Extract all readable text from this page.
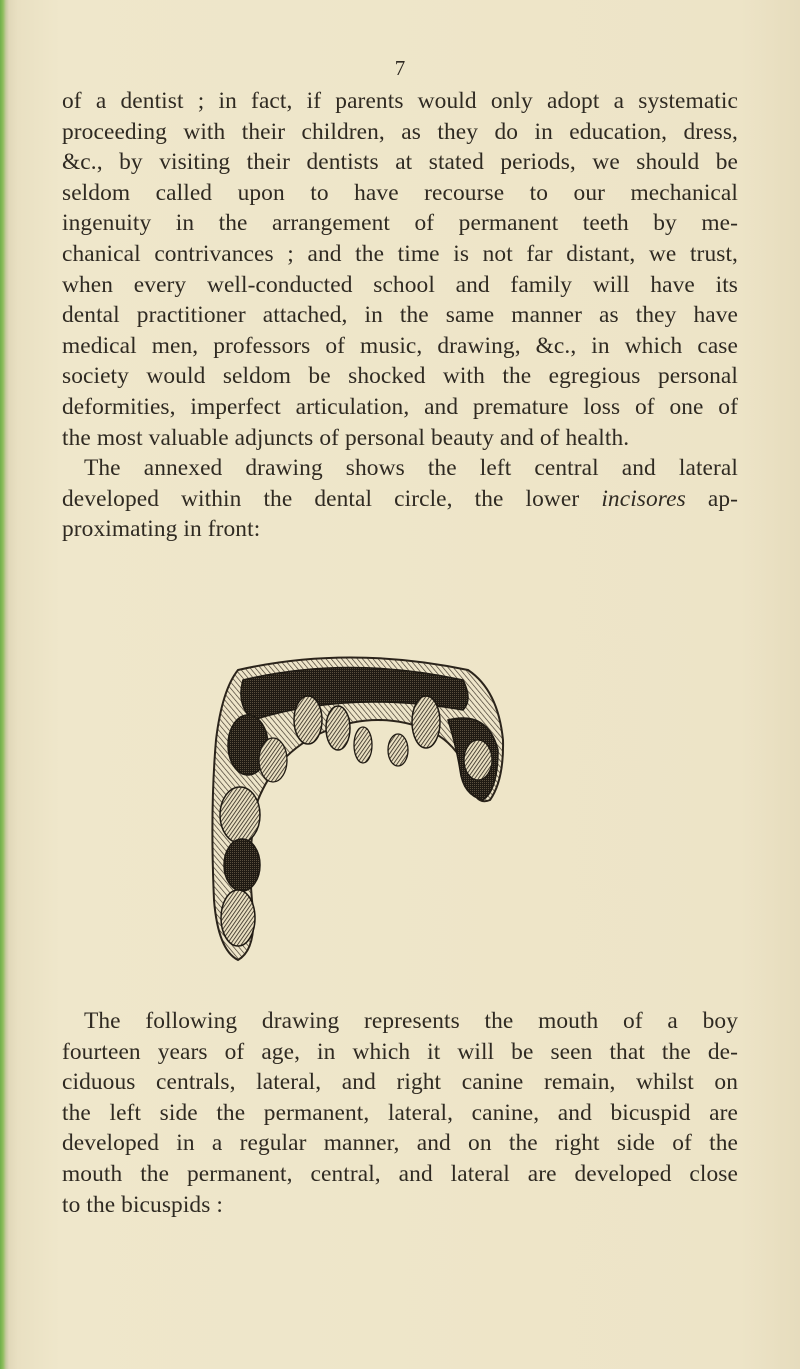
7
of a dentist ; in fact, if parents would only adopt a systematic
proceeding with their children, as they do in education, dress,
&c., by visiting their dentists at stated periods, we should be
seldom called upon to have recourse to our mechanical
ingenuity in the arrangement of permanent teeth by me-
chanical contrivances ; and the time is not far distant, we trust,
when every well-conducted school and family will have its
dental practitioner attached, in the same manner as they have
medical men, professors of music, drawing, &c., in which case
society would seldom be shocked with the egregious personal
deformities, imperfect articulation, and premature loss of one of
the most valuable adjuncts of personal beauty and of health.
The annexed drawing shows the left central and lateral
developed within the dental circle, the lower incisores ap-
proximating in front:
The following drawing represents the mouth of a boy
fourteen years of age, in which it will be seen that the de-
ciduous centrals, lateral, and right canine remain, whilst on
the left side the permanent, lateral, canine, and bicuspid are
developed in a regular manner, and on the right side of the
mouth the permanent, central, and lateral are developed close
to the bicuspids :
